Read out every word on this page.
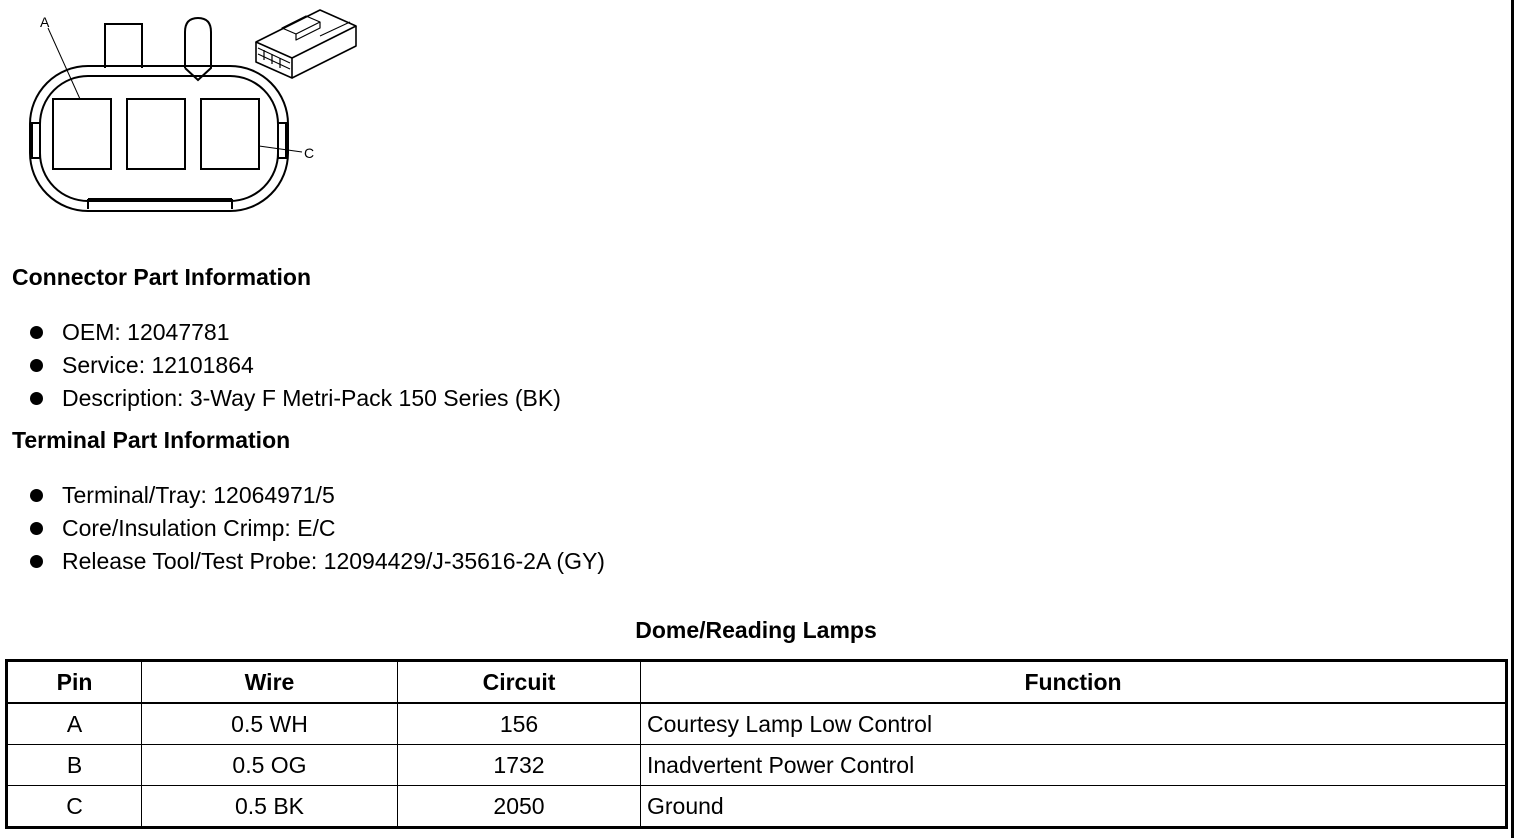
A
C
Connector Part Information
OEM: 12047781
Service: 12101864
Description: 3-Way F Metri-Pack 150 Series (BK)
Terminal Part Information
Terminal/Tray: 12064971/5
Core/Insulation Crimp: E/C
Release Tool/Test Probe: 12094429/J-35616-2A (GY)
Dome/Reading Lamps
Pin	Wire	Circuit	Function
A	0.5 WH	156	Courtesy Lamp Low Control
B	0.5 OG	1732	Inadvertent Power Control
C	0.5 BK	2050	Ground
